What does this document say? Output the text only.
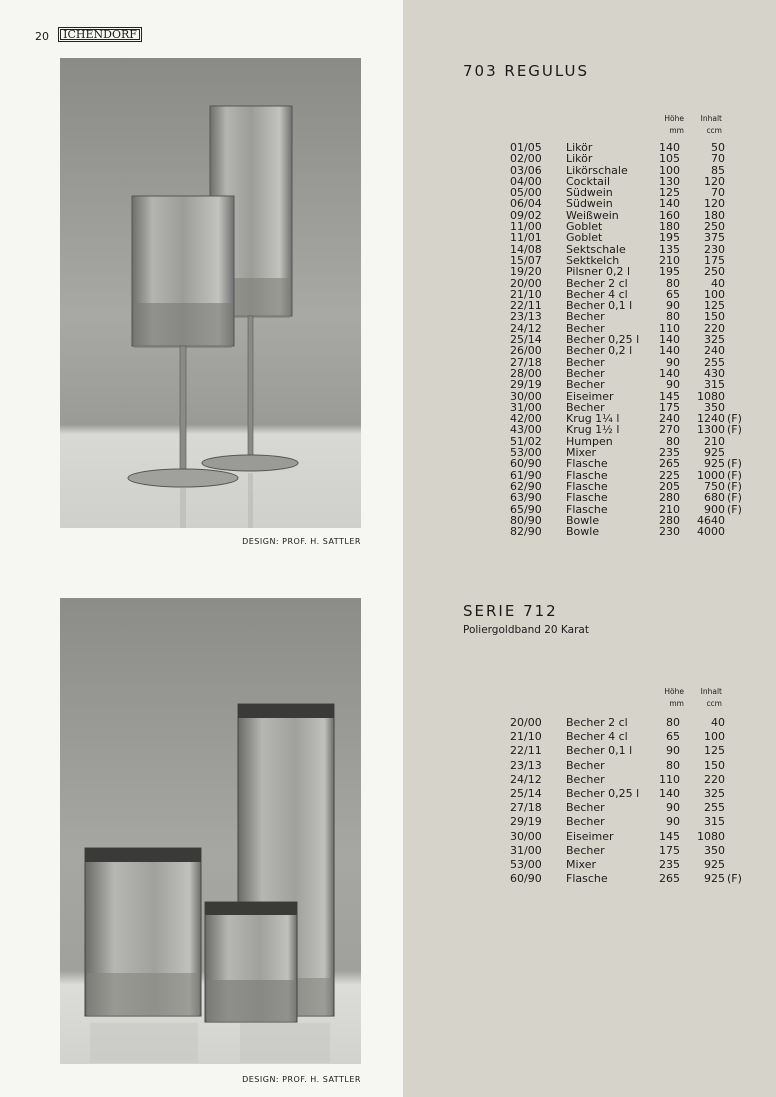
20	ICHENDORF
DESIGN: PROF. H. SATTLER
DESIGN: PROF. H. SATTLER
703 REGULUS
Höhe
mm
Inhalt
ccm
01/05	Likör	140	50
02/00	Likör	105	70
03/06	Likörschale	100	85
04/00	Cocktail	130	120
05/00	Südwein	125	70
06/04	Südwein	140	120
09/02	Weißwein	160	180
11/00	Goblet	180	250
11/01	Goblet	195	375
14/08	Sektschale	135	230
15/07	Sektkelch	210	175
19/20	Pilsner 0,2 l	195	250
20/00	Becher 2 cl	80	40
21/10	Becher 4 cl	65	100
22/11	Becher 0,1 l	90	125
23/13	Becher	80	150
24/12	Becher	110	220
25/14	Becher 0,25 l	140	325
26/00	Becher 0,2 l	140	240
27/18	Becher	90	255
28/00	Becher	140	430
29/19	Becher	90	315
30/00	Eiseimer	145	1080
31/00	Becher	175	350
42/00	Krug 1¼ l	240	1240 (F)
43/00	Krug 1½ l	270	1300 (F)
51/02	Humpen	80	210
53/00	Mixer	235	925
60/90	Flasche	265	925 (F)
61/90	Flasche	225	1000 (F)
62/90	Flasche	205	750 (F)
63/90	Flasche	280	680 (F)
65/90	Flasche	210	900 (F)
80/90	Bowle	280	4640
82/90	Bowle	230	4000
SERIE 712
Poliergoldband 20 Karat
Höhe
mm
Inhalt
ccm
20/00	Becher 2 cl	80	40
21/10	Becher 4 cl	65	100
22/11	Becher 0,1 l	90	125
23/13	Becher	80	150
24/12	Becher	110	220
25/14	Becher 0,25 l	140	325
27/18	Becher	90	255
29/19	Becher	90	315
30/00	Eiseimer	145	1080
31/00	Becher	175	350
53/00	Mixer	235	925
60/90	Flasche	265	925 (F)
